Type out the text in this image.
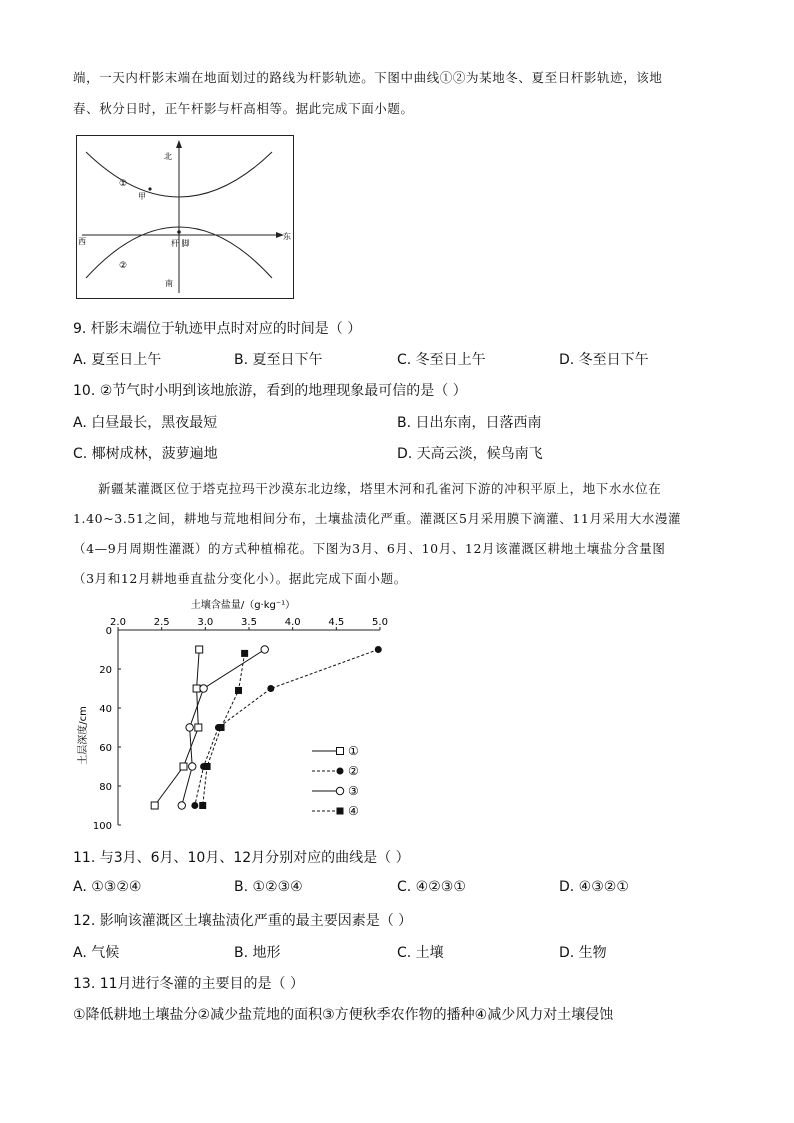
端，一天内杆影末端在地面划过的路线为杆影轨迹。下图中曲线①②为某地冬、夏至日杆影轨迹，该地

春、秋分日时，正午杆影与杆高相等。据此完成下面小题。

北
南
西
东
①
②
甲
杆 脚

9. 杆影末端位于轨迹甲点时对应的时间是（ ）

A. 夏至日上午	B. 夏至日下午	C. 冬至日上午	D. 冬至日下午

10. ②节气时小明到该地旅游，看到的地理现象最可信的是（ ）

A. 白昼最长，黑夜最短	B. 日出东南，日落西南

C. 椰树成林，菠萝遍地	D. 天高云淡，候鸟南飞

新疆某灌溉区位于塔克拉玛干沙漠东北边缘，塔里木河和孔雀河下游的冲积平原上，地下水水位在

1.40~3.51之间，耕地与荒地相间分布，土壤盐渍化严重。灌溉区5月采用膜下滴灌、11月采用大水漫灌

（4—9月周期性灌溉）的方式种植棉花。下图为3月、6月、10月、12月该灌溉区耕地土壤盐分含量图

（3月和12月耕地垂直盐分变化小）。据此完成下面小题。

土壤含盐量/（g·kg⁻¹）
2.0	2.5	3.0	3.5	4.0	4.5	5.0
0
20
40
60
80
100
土层深度/cm	①
②
③
④

11. 与3月、6月、10月、12月分别对应的曲线是（ ）

A. ①③②④	B. ①②③④	C. ④②③①	D. ④③②①

12. 影响该灌溉区土壤盐渍化严重的最主要因素是（ ）

A. 气候	B. 地形	C. 土壤	D. 生物

13. 11月进行冬灌的主要目的是（ ）

①降低耕地土壤盐分②减少盐荒地的面积③方便秋季农作物的播种④减少风力对土壤侵蚀
